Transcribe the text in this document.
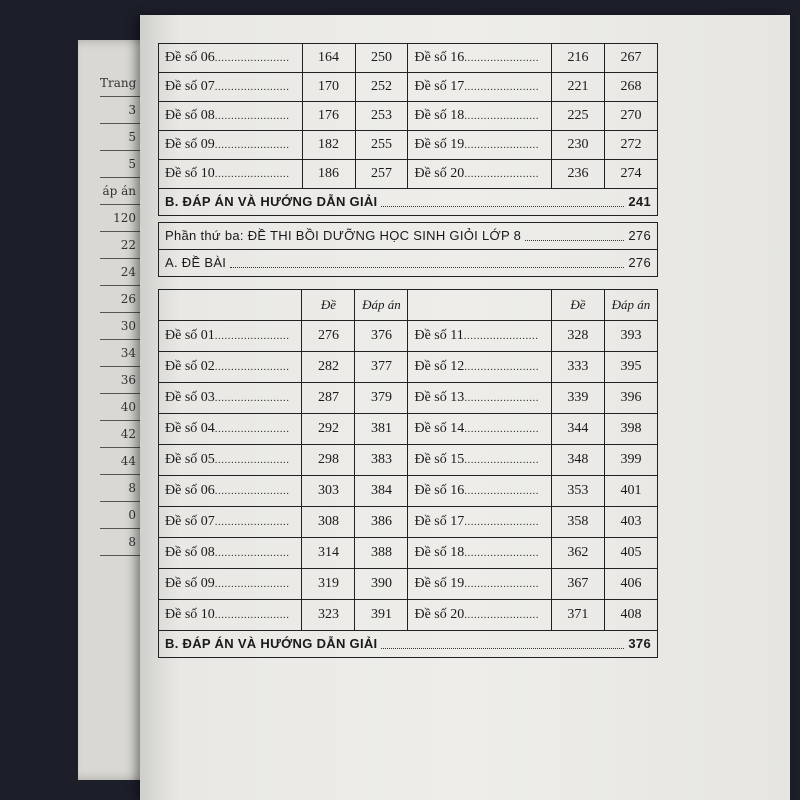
Trang
3
5
5
áp án
120
22
24
26
30
34
36
40
42
44
8
0
8
Đề số 06 .....	164	250	Đề số 16 .....	216	267
Đề số 07 .....	170	252	Đề số 17 .....	221	268
Đề số 08 .....	176	253	Đề số 18 .....	225	270
Đề số 09 .....	182	255	Đề số 19 .....	230	272
Đề số 10 .....	186	257	Đề số 20 .....	236	274
B. ĐÁP ÁN VÀ HƯỚNG DẪN GIẢI	241
Phần thứ ba: ĐỀ THI BỒI DƯỠNG HỌC SINH GIỎI LỚP 8	276
A. ĐỀ BÀI	276
	Đề	Đáp án		Đề	Đáp án
Đề số 01 .....	276	376	Đề số 11 .....	328	393
Đề số 02 .....	282	377	Đề số 12 .....	333	395
Đề số 03 .....	287	379	Đề số 13 .....	339	396
Đề số 04 .....	292	381	Đề số 14 .....	344	398
Đề số 05 .....	298	383	Đề số 15 .....	348	399
Đề số 06 .....	303	384	Đề số 16 .....	353	401
Đề số 07 .....	308	386	Đề số 17 .....	358	403
Đề số 08 .....	314	388	Đề số 18 .....	362	405
Đề số 09 .....	319	390	Đề số 19 .....	367	406
Đề số 10 .....	323	391	Đề số 20 .....	371	408
B. ĐÁP ÁN VÀ HƯỚNG DẪN GIẢI	376
